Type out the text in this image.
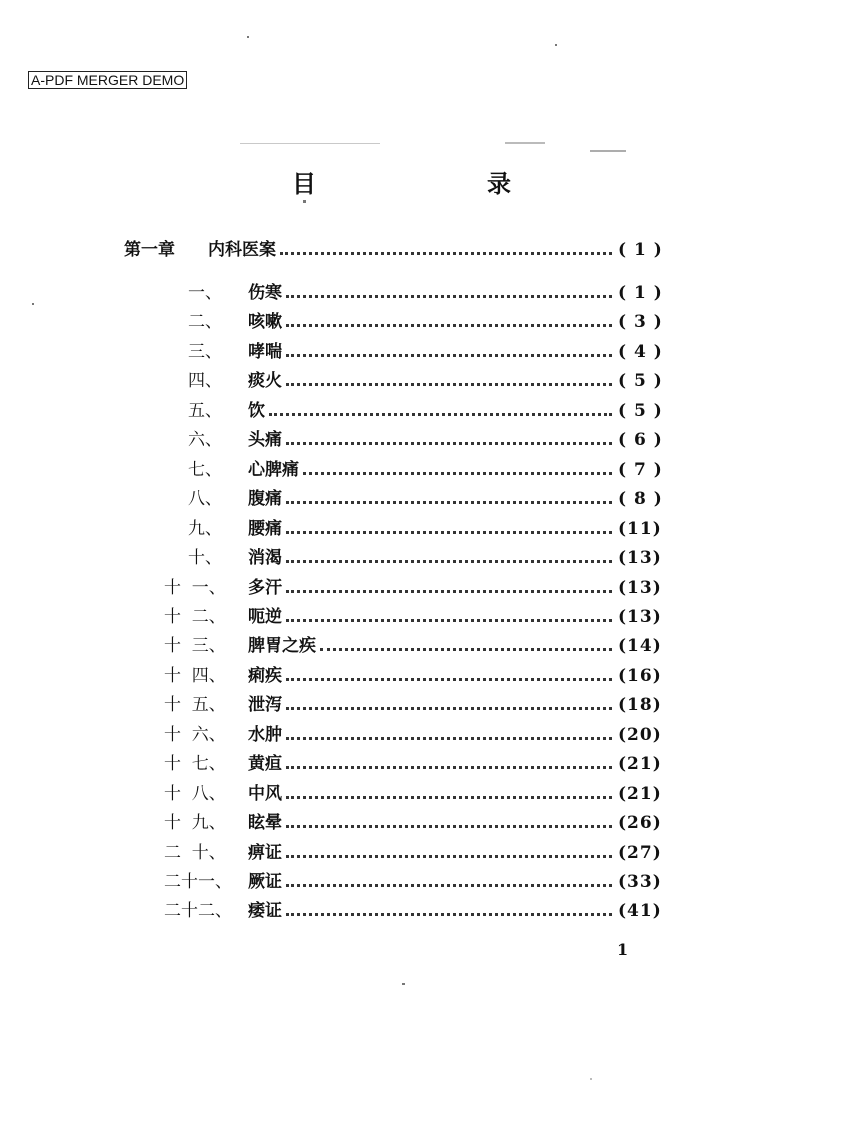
A-PDF MERGER DEMO
目	录
第一章 内科医案	( 1 )
一、 伤寒	( 1 )
二、 咳嗽	( 3 )
三、 哮喘	( 4 )
四、 痰火	( 5 )
五、 饮	( 5 )
六、 头痛	( 6 )
七、 心脾痛	( 7 )
八、 腹痛	( 8 )
九、 腰痛	(11)
十、 消渴	(13)
十  一、 多汗	(13)
十  二、 呃逆	(13)
十  三、 脾胃之疾	(14)
十  四、 痢疾	(16)
十  五、 泄泻	(18)
十  六、 水肿	(20)
十  七、 黄疸	(21)
十  八、 中风	(21)
十  九、 眩晕	(26)
二  十、 痹证	(27)
二十一、 厥证	(33)
二十二、 痿证	(41)
1
